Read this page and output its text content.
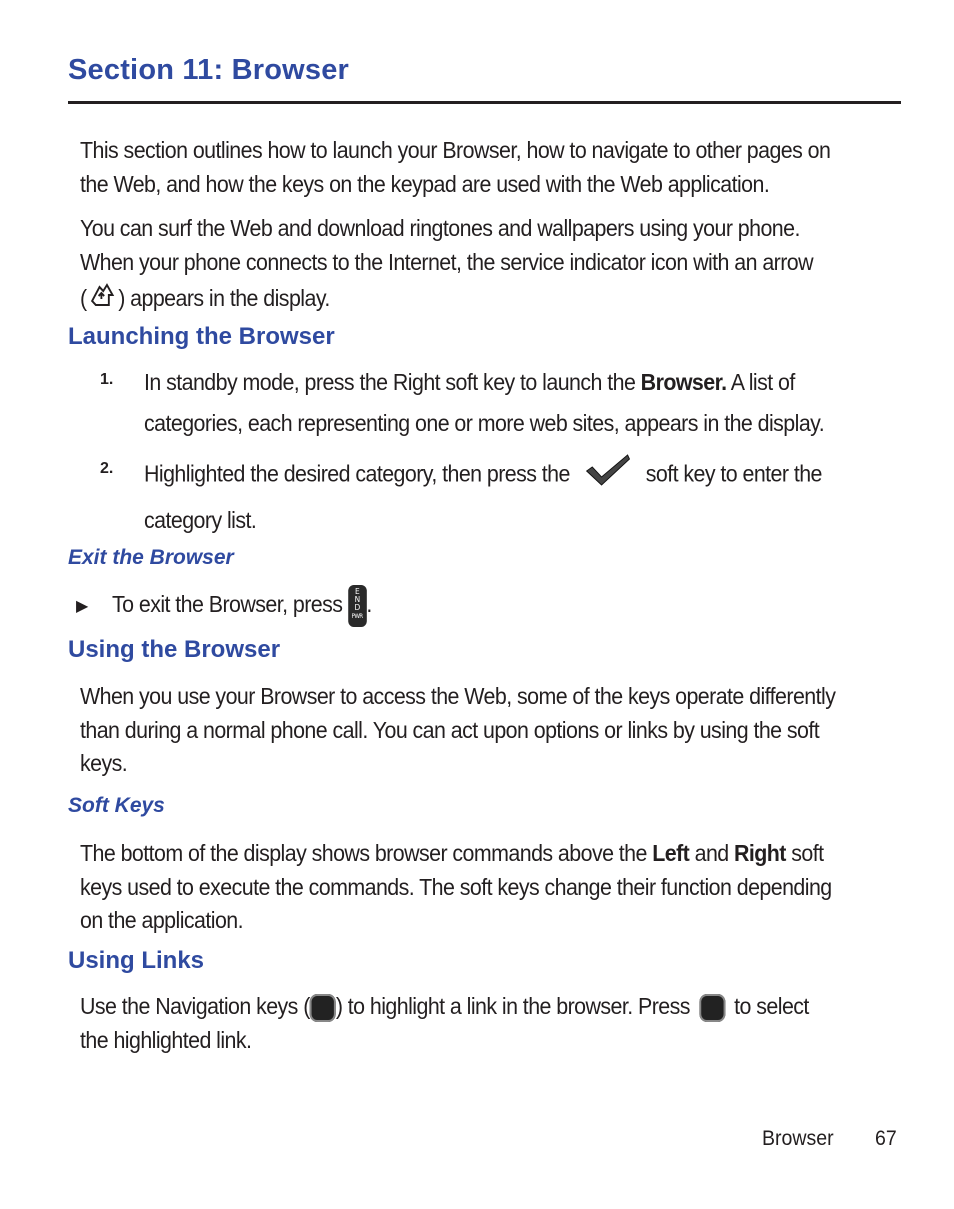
Section 11: Browser
This section outlines how to launch your Browser, how to navigate to other pages on
the Web, and how the keys on the keypad are used with the Web application.
You can surf the Web and download ringtones and wallpapers using your phone.
When your phone connects to the Internet, the service indicator icon with an arrow
( ) appears in the display.
Launching the Browser
1. In standby mode, press the Right soft key to launch the Browser. A list of
categories, each representing one or more web sites, appears in the display.
2. Highlighted the desired category, then press the	soft key to enter the
category list.
Exit the Browser
▶ To exit the Browser, press E
N
D
PWR .
Using the Browser
When you use your Browser to access the Web, some of the keys operate differently
than during a normal phone call. You can act upon options or links by using the soft
keys.
Soft Keys
The bottom of the display shows browser commands above the Left and Right soft
keys used to execute the commands. The soft keys change their function depending
on the application.
Using Links
Use the Navigation keys ( ) to highlight a link in the browser. Press to select
the highlighted link.
Browser 67
